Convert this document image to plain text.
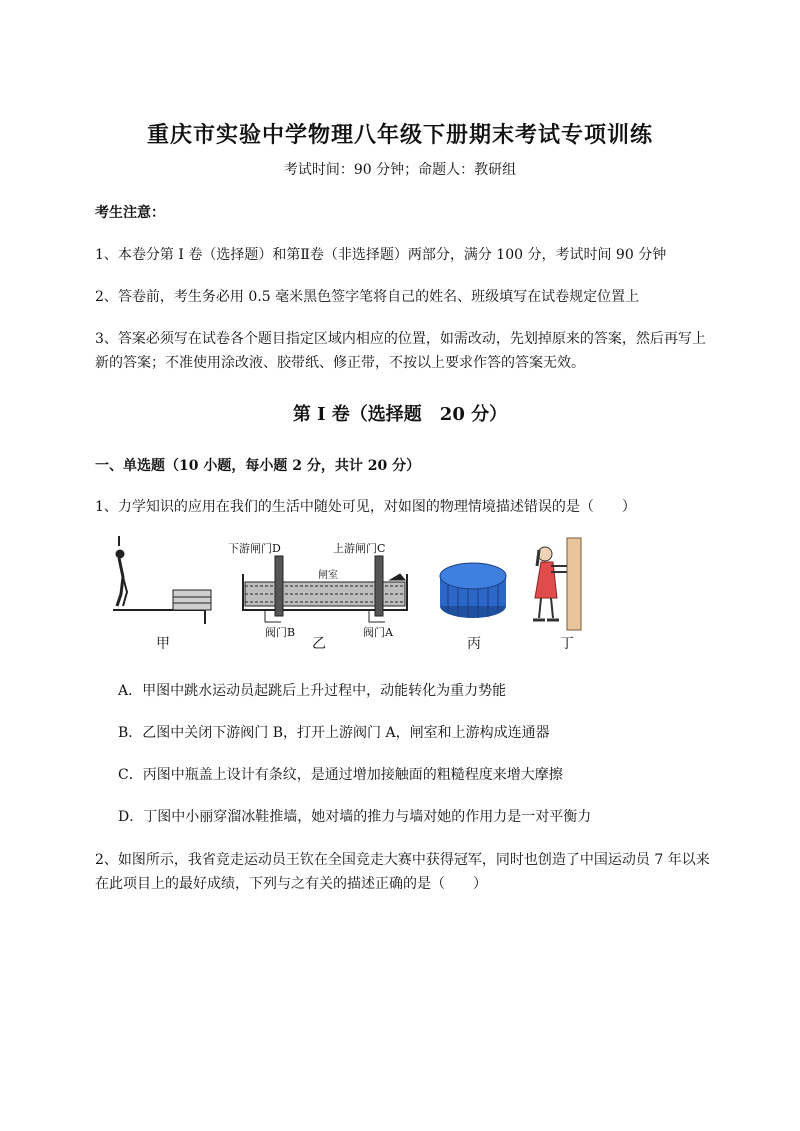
重庆市实验中学物理八年级下册期末考试专项训练
考试时间：90 分钟；命题人：教研组
考生注意：
1、本卷分第 I 卷（选择题）和第Ⅱ卷（非选择题）两部分，满分 100 分，考试时间 90 分钟
2、答卷前，考生务必用 0.5 毫米黑色签字笔将自己的姓名、班级填写在试卷规定位置上
3、答案必须写在试卷各个题目指定区域内相应的位置，如需改动，先划掉原来的答案，然后再写上新的答案；不准使用涂改液、胶带纸、修正带，不按以上要求作答的答案无效。
第 I 卷（选择题　20 分）
一、单选题（10 小题，每小题 2 分，共计 20 分）
1、力学知识的应用在我们的生活中随处可见，对如图的物理情境描述错误的是（　　）
下游闸门D	上游闸门C
闸室
阀门B	阀门A
甲	乙	丙	丁
A．甲图中跳水运动员起跳后上升过程中，动能转化为重力势能
B．乙图中关闭下游阀门 B，打开上游阀门 A，闸室和上游构成连通器
C．丙图中瓶盖上设计有条纹，是通过增加接触面的粗糙程度来增大摩擦
D．丁图中小丽穿溜冰鞋推墙，她对墙的推力与墙对她的作用力是一对平衡力
2、如图所示，我省竞走运动员王钦在全国竞走大赛中获得冠军，同时也创造了中国运动员 7 年以来在此项目上的最好成绩，下列与之有关的描述正确的是（　　）
